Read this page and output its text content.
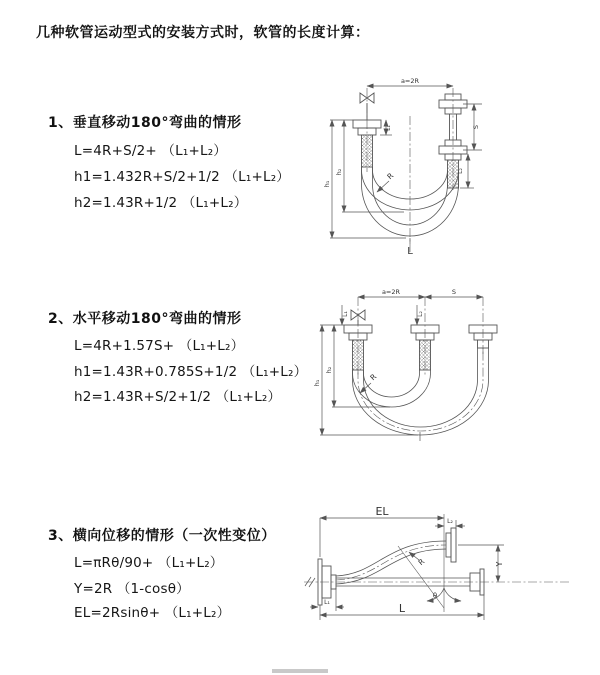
几种软管运动型式的安装方式时，软管的长度计算：
1、垂直移动180°弯曲的情形
L=4R+S/2+ （L₁+L₂）
h1=1.432R+S/2+1/2 （L₁+L₂）
h2=1.43R+1/2 （L₁+L₂）
a=2R
h₁
h₂
L₁	S
L₂
R
L
2、水平移动180°弯曲的情形
L=4R+1.57S+ （L₁+L₂）
h1=1.43R+0.785S+1/2 （L₁+L₂）
h2=1.43R+S/2+1/2 （L₁+L₂）
a=2R	S
h₁
h₂
L₁	L₂
R
3、横向位移的情形（一次性变位）
L=πRθ/90+ （L₁+L₂）
Y=2R （1-cosθ）
EL=2Rsinθ+ （L₁+L₂）
EL
L₂
Y
R
θ
L
L₁
